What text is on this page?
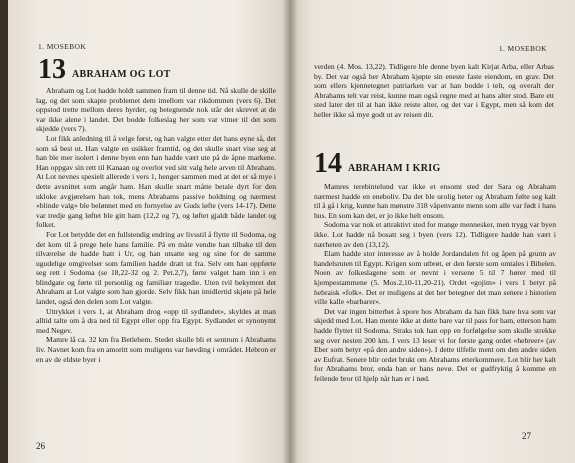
1. MOSEBOK
13 ABRAHAM OG LOT

Abraham og Lot hadde holdt sammen fram til denne tid. Nå skulle de skille lag, og det som skapte problemet dem imellom var rikdommen (vers 6). Det oppstod trette mellom deres hyrder, og betegnende nok står det skrevet at de var ikke alene i landet. Det bodde folkeslag her som var vitner til det som skjedde (vers 7).

Lot fikk anledning til å velge først, og han valgte etter det hans øyne så, det som så best ut. Han valgte en usikker framtid, og det skulle snart vise seg at han ble mer isolert i denne byen enn han hadde vært ute på de åpne markene. Han oppgav sin rett til Kanaan og overlot ved sitt valg hele arven til Abraham. At Lot nevnes spesielt allerede i vers 1, henger sammen med at det er så mye i dette avsnittet som angår ham. Han skulle snart måtte betale dyrt for den ukloke avgjørelsen han tok, mens Abrahams passive holdning og nærmest «blinde valg» ble belønnet med en fornyelse av Guds løfte (vers 14-17). Dette var tredje gang løftet ble gitt ham (12,2 og 7), og løftet gjaldt både landet og folket.

For Lot betydde det en fullstendig endring av livsstil å flytte til Sodoma, og det kom til å prege hele hans familie. På en måte vendte han tilbake til den tilværelse de hadde hatt i Ur, og han utsatte seg og sine for de samme ugudelige omgivelser som familien hadde dratt ut fra. Selv om han oppførte seg rett i Sodoma (se 18,22-32 og 2. Pet.2,7), førte valget ham inn i en blindgate og førte til personlig og familiær tragedie. Uten tvil bekymret det Abraham at Lot valgte som han gjorde. Selv fikk han imidlertid skjøte på hele landet, også den delen som Lot valgte.

Uttrykket i vers 1, at Abraham drog «opp til sydlandet», skyldes at man alltid talte om å dra ned til Egypt eller opp fra Egypt. Sydlandet er synonymt med Negev.

Mamre lå ca. 32 km fra Betlehem. Stedet skulle bli et sentrum i Abrahams liv. Navnet kom fra en amoritt som muligens var høvding i området. Hebron er en av de eldste byer i

26
1. MOSEBOK

verden (4. Mos. 13,22). Tidligere ble denne byen kalt Kirjat Arba, eller Arbas by. Det var også her Abraham kjøpte sin eneste faste eiendom, en grav. Det som ellers kjennetegnet patriarken var at han bodde i telt, og overalt der Abrahams telt var reist, kunne man også regne med at hans alter stod. Bare ett sted later det til at han ikke reiste alter, og det var i Egypt, men så kom det heller ikke så mye godt ut av reisen dit.

14 ABRAHAM I KRIG

Mamres terebintelund var ikke et ensomt sted der Sara og Abraham nærmest hadde en eneboliv. Da det ble urolig heter og Abraham følte seg kalt til å gå i krig, kunne han mønstre 318 våpenvante menn som alle var født i hans hus. En som kan det, er jo ikke helt ensom.

Sodoma var nok et attraktivt sted for mange mennesker, men trygg var byen ikke. Lot hadde nå bosatt seg i byen (vers 12). Tidligere hadde han vært i nærheten av den (13,12).

Elam hadde stor interesse av å holde Jordandalen fri og åpen på grunn av handelsruten til Egypt. Krigen som utbrøt, er den første som omtales i Bibelen. Noen av folkeslagene som er nevnt i versene 5 til 7 hører med til kjempestammene (5. Mos.2,10-11,20-21). Ordet «gojim» i vers 1 betyr på hebraisk «folk». Det er muligens at det her betegner det man senere i historien ville kalle «barbarer».

Det var ingen bitterhet å spore hos Abraham da han fikk bare hva som var skjedd med Lot. Han mente ikke at dette bare var til pass for ham, etterson ham hadde flyttet til Sodoma. Straks tok han opp en forfølgelse som skulle strekke seg over nesten 200 km. I vers 13 leser vi for første gang ordet «hebreer» (av Eber som betyr «på den andre siden»). I dette tilfelle ment om den andre siden av Eufrat. Senere blir ordet brukt om Abrahams etterkommere. Lot blir her kalt for Abrahams bror, enda han er hans nevø. Det er gudfryktig å komme en feilende bror til hjelp når han er i nød.

27
